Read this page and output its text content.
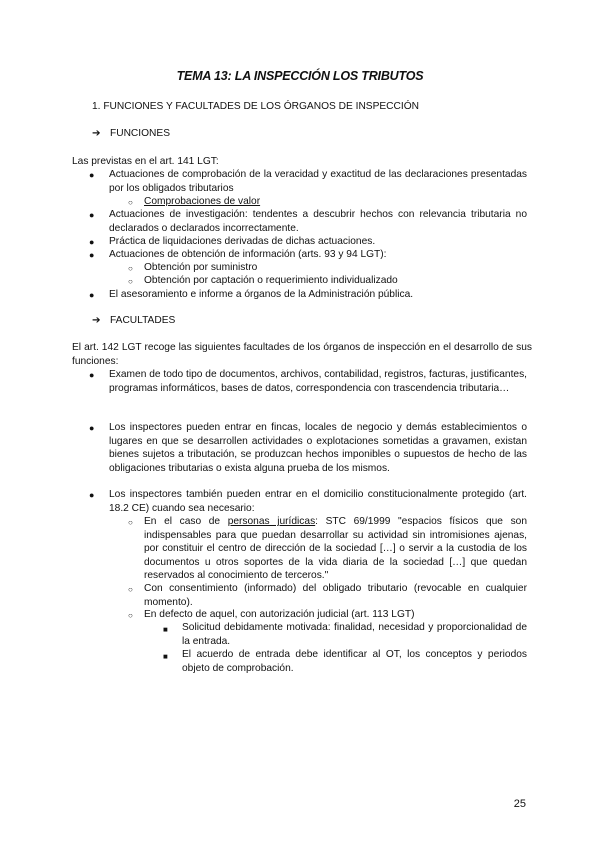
TEMA 13: LA INSPECCIÓN LOS TRIBUTOS
1. FUNCIONES Y FACULTADES DE LOS ÓRGANOS DE INSPECCIÓN
➔ FUNCIONES
Las previstas en el art. 141 LGT:
● Actuaciones de comprobación de la veracidad y exactitud de las declaraciones presentadas por los obligados tributarios
○ Comprobaciones de valor
● Actuaciones de investigación: tendentes a descubrir hechos con relevancia tributaria no declarados o declarados incorrectamente.
● Práctica de liquidaciones derivadas de dichas actuaciones.
● Actuaciones de obtención de información (arts. 93 y 94 LGT):
○ Obtención por suministro
○ Obtención por captación o requerimiento individualizado
● El asesoramiento e informe a órganos de la Administración pública.
➔ FACULTADES
El art. 142 LGT recoge las siguientes facultades de los órganos de inspección en el desarrollo de sus funciones:
● Examen de todo tipo de documentos, archivos, contabilidad, registros, facturas, justificantes, programas informáticos, bases de datos, correspondencia con trascendencia tributaria…
● Los inspectores pueden entrar en fincas, locales de negocio y demás establecimientos o lugares en que se desarrollen actividades o explotaciones sometidas a gravamen, existan bienes sujetos a tributación, se produzcan hechos imponibles o supuestos de hecho de las obligaciones tributarias o exista alguna prueba de los mismos.
● Los inspectores también pueden entrar en el domicilio constitucionalmente protegido (art. 18.2 CE) cuando sea necesario:
○ En el caso de personas jurídicas: STC 69/1999 "espacios físicos que son indispensables para que puedan desarrollar su actividad sin intromisiones ajenas, por constituir el centro de dirección de la sociedad […] o servir a la custodia de los documentos u otros soportes de la vida diaria de la sociedad […] que quedan reservados al conocimiento de terceros."
○ Con consentimiento (informado) del obligado tributario (revocable en cualquier momento).
○ En defecto de aquel, con autorización judicial (art. 113 LGT)
■ Solicitud debidamente motivada: finalidad, necesidad y proporcionalidad de la entrada.
■ El acuerdo de entrada debe identificar al OT, los conceptos y periodos objeto de comprobación.
25
